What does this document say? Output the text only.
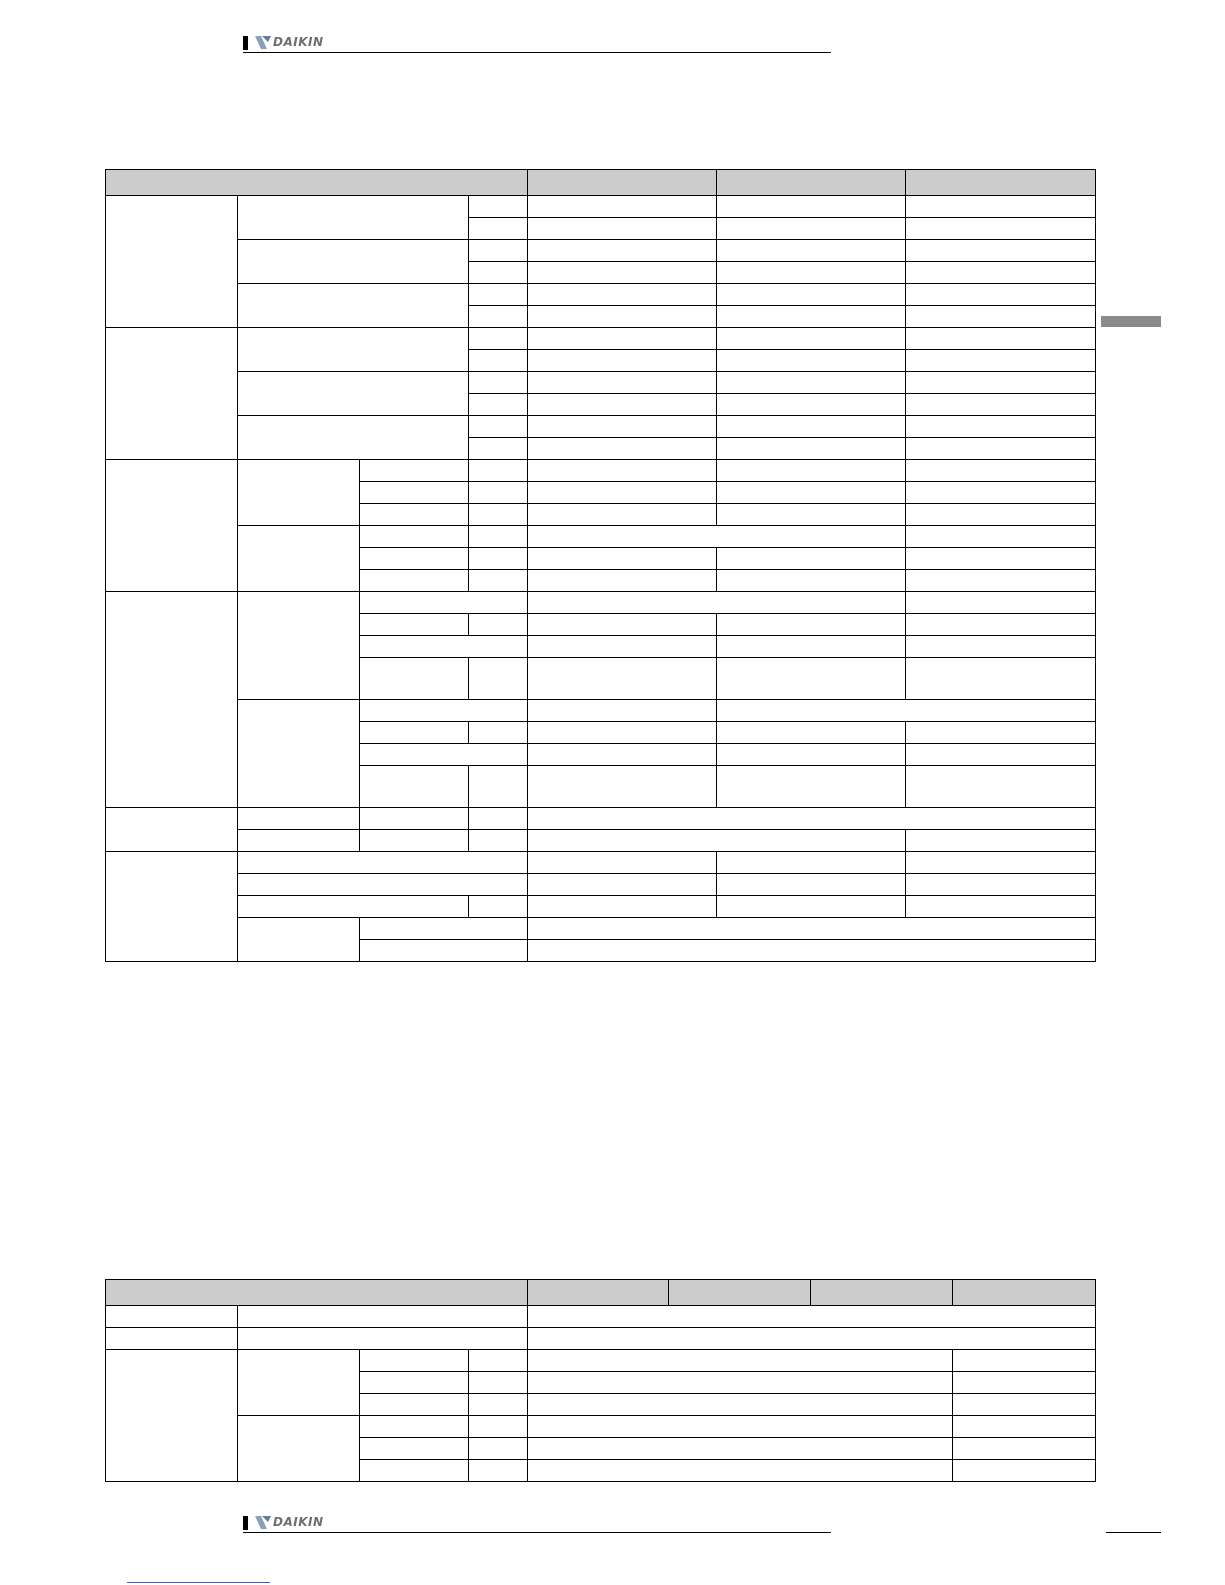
DAIKIN

DAIKIN
